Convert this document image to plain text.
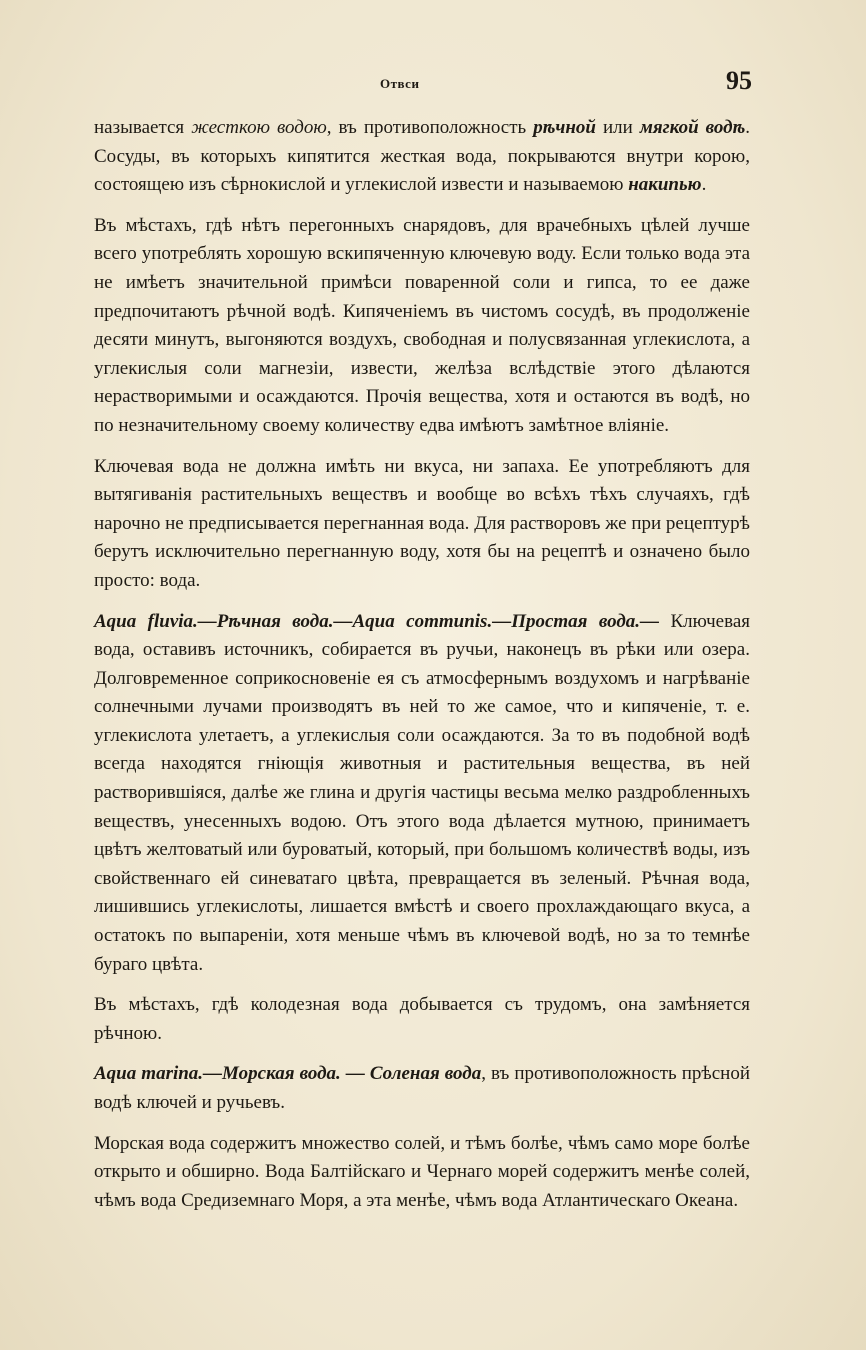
Отвси	95

называется жесткою водою, въ противоположность рѣчной или мягкой водѣ. Сосуды, въ которыхъ кипятится жесткая вода, покрываются внутри корою, состоящею изъ сѣрнокислой и углекислой извести и называемою накипью.

Въ мѣстахъ, гдѣ нѣтъ перегонныхъ снарядовъ, для врачебныхъ цѣлей лучше всего употреблять хорошую вскипяченную ключевую воду. Если только вода эта не имѣетъ значительной примѣси поваренной соли и гипса, то ее даже предпочитаютъ рѣчной водѣ. Кипяченіемъ въ чистомъ сосудѣ, въ продолженіе десяти минутъ, выгоняются воздухъ, свободная и полусвязанная углекислота, а углекислыя соли магнезіи, извести, желѣза вслѣдствіе этого дѣлаются нерастворимыми и осаждаются. Прочія вещества, хотя и остаются въ водѣ, но по незначительному своему количеству едва имѣютъ замѣтное вліяніе.

Ключевая вода не должна имѣть ни вкуса, ни запаха. Ее употребляютъ для вытягиванія растительныхъ веществъ и вообще во всѣхъ тѣхъ случаяхъ, гдѣ нарочно не предписывается перегнанная вода. Для растворовъ же при рецептурѣ берутъ исключительно перегнанную воду, хотя бы на рецептѣ и означено было просто: вода.

Aqua fluvia.—Рѣчная вода.—Aqua communis.—Простая вода.— Ключевая вода, оставивъ источникъ, собирается въ ручьи, наконецъ въ рѣки или озера. Долговременное соприкосновеніе ея съ атмосфернымъ воздухомъ и нагрѣваніе солнечными лучами производятъ въ ней то же самое, что и кипяченіе, т. е. углекислота улетаетъ, а углекислыя соли осаждаются. За то въ подобной водѣ всегда находятся гніющія животныя и растительныя вещества, въ ней растворившіяся, далѣе же глина и другія частицы весьма мелко раздробленныхъ веществъ, унесенныхъ водою. Отъ этого вода дѣлается мутною, принимаетъ цвѣтъ желтоватый или буроватый, который, при большомъ количествѣ воды, изъ свойственнаго ей синеватаго цвѣта, превращается въ зеленый. Рѣчная вода, лишившись углекислоты, лишается вмѣстѣ и своего прохлаждающаго вкуса, а остатокъ по выпареніи, хотя меньше чѣмъ въ ключевой водѣ, но за то темнѣе бураго цвѣта.

Въ мѣстахъ, гдѣ колодезная вода добывается съ трудомъ, она замѣняется рѣчною.

Aqua marina.—Морская вода. — Соленая вода, въ противоположность прѣсной водѣ ключей и ручьевъ.

Морская вода содержитъ множество солей, и тѣмъ болѣе, чѣмъ само море болѣе открыто и обширно. Вода Балтійскаго и Чернаго морей содержитъ менѣе солей, чѣмъ вода Средиземнаго Моря, а эта менѣе, чѣмъ вода Атлантическаго Океана.
